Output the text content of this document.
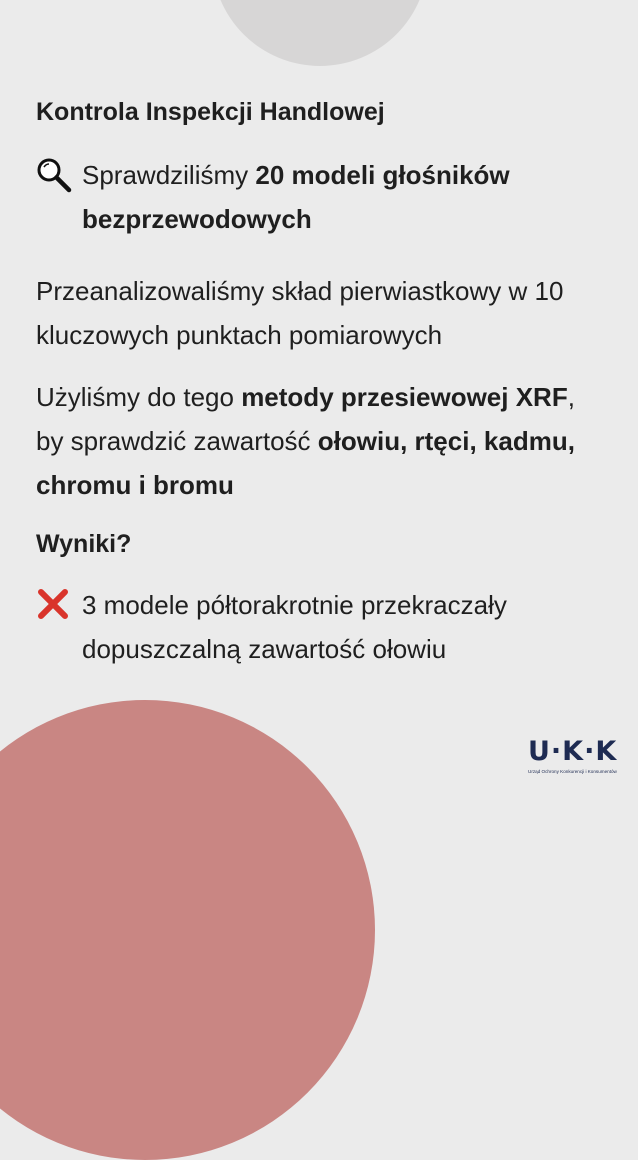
Kontrola Inspekcji Handlowej

Sprawdziliśmy 20 modeli głośników bezprzewodowych

Przeanalizowaliśmy skład pierwiastkowy w 10 kluczowych punktach pomiarowych

Użyliśmy do tego metody przesiewowej XRF, by sprawdzić zawartość ołowiu, rtęci, kadmu, chromu i bromu

Wyniki?

3 modele półtorakrotnie przekraczały dopuszczalną zawartość ołowiu

U·K·K
Urząd Ochrony Konkurencji i Konsumentów
